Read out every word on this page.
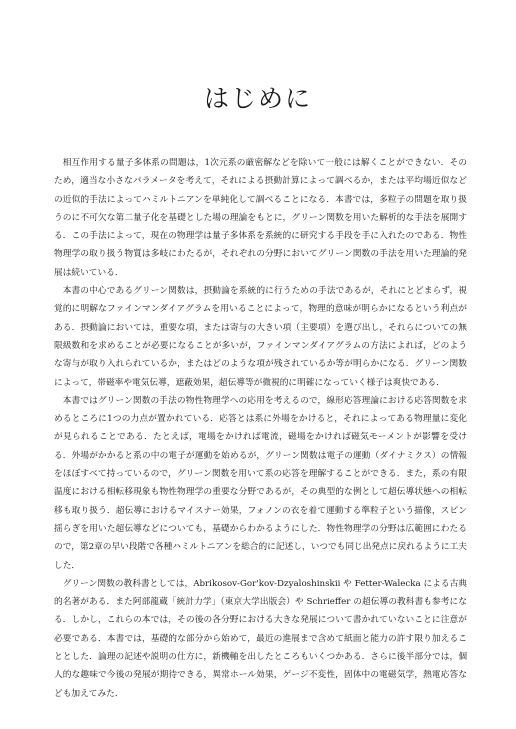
はじめに

相互作用する量子多体系の問題は，1次元系の厳密解などを除いて一般には解くことができない．そのため，適当な小さなパラメータを考えて，それによる摂動計算によって調べるか，または平均場近似などの近似的手法によってハミルトニアンを単純化して調べることになる．本書では，多粒子の問題を取り扱うのに不可欠な第二量子化を基礎とした場の理論をもとに，グリーン関数を用いた解析的な手法を展開する．この手法によって，現在の物理学は量子多体系を系統的に研究する手段を手に入れたのである．物性物理学の取り扱う物質は多岐にわたるが，それぞれの分野においてグリーン関数の手法を用いた理論的発展は続いている．

本書の中心であるグリーン関数は，摂動論を系統的に行うための手法であるが，それにとどまらず，視覚的に明解なファインマンダイアグラムを用いることによって，物理的意味が明らかになるという利点がある．摂動論においては，重要な項，または寄与の大きい項（主要項）を選び出し，それらについての無限級数和を求めることが必要になることが多いが，ファインマンダイアグラムの方法によれば，どのような寄与が取り入れられているか，またはどのような項が残されているか等が明らかになる．グリーン関数によって，帯磁率や電気伝導，遮蔽効果，超伝導等が微視的に明確になっていく様子は爽快である．

本書ではグリーン関数の手法の物性物理学への応用を考えるので，線形応答理論における応答関数を求めるところに1つの力点が置かれている．応答とは系に外場をかけると，それによってある物理量に変化が見られることである．たとえば，電場をかければ電流，磁場をかければ磁気モーメントが影響を受ける．外場がかかると系の中の電子が運動を始めるが，グリーン関数は電子の運動（ダイナミクス）の情報をほぼすべて持っているので，グリーン関数を用いて系の応答を理解することができる．また，系の有限温度における相転移現象も物性物理学の重要な分野であるが，その典型的な例として超伝導状態への相転移も取り扱う．超伝導におけるマイスナー効果，フォノンの衣を着て運動する準粒子という描像，スピン揺らぎを用いた超伝導などについても，基礎からわかるようにした．物性物理学の分野は広範囲にわたるので，第2章の早い段階で各種ハミルトニアンを総合的に記述し，いつでも同じ出発点に戻れるように工夫した．

グリーン関数の教科書としては，Abrikosov-Gor'kov-Dzyaloshinskii や Fetter-Walecka による古典的名著がある．また阿部龍蔵「統計力学」（東京大学出版会）や Schrieffer の超伝導の教科書も参考になる．しかし，これらの本では，その後の各分野における大きな発展について書かれていないことに注意が必要である．本書では，基礎的な部分から始めて，最近の進展まで含めて紙面と能力の許す限り加えることとした．論理の記述や説明の仕方に，新機軸を出したところもいくつかある．さらに後半部分では，個人的な趣味で今後の発展が期待できる，異常ホール効果，ゲージ不変性，固体中の電磁気学，熱電応答なども加えてみた．
